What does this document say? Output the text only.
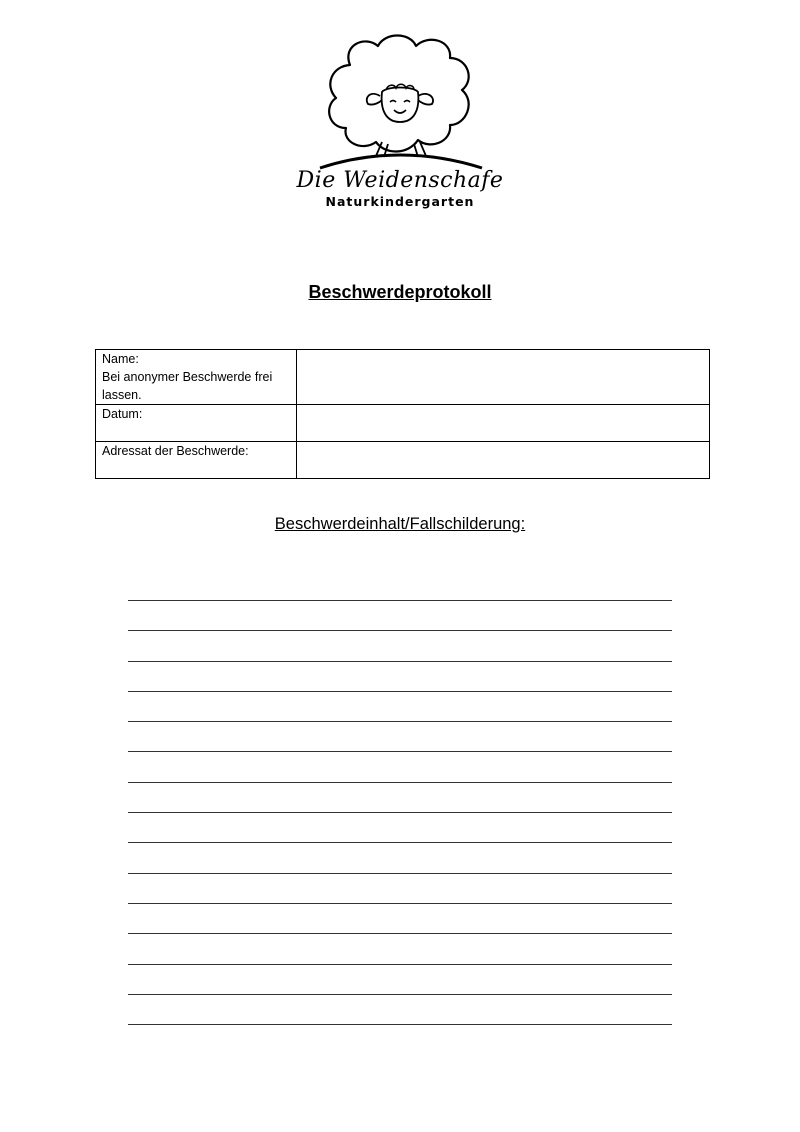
Die Weidenschafe
Naturkindergarten
Beschwerdeprotokoll
Name:
Bei anonymer Beschwerde frei lassen.	

Datum:	
Adressat der Beschwerde:	
Beschwerdeinhalt/Fallschilderung:
